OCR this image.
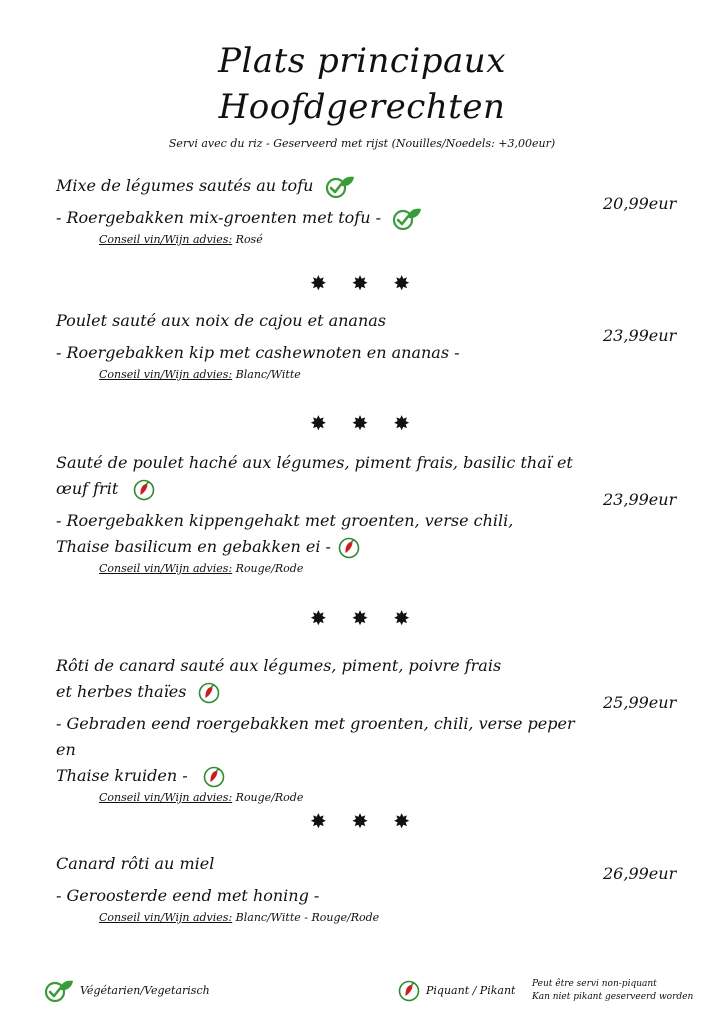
Plats principaux
Hoofdgerechten
Servi avec du riz - Geserveerd met rijst (Nouilles/Noedels: +3,00eur)
Mixe de légumes sautés au tofu
- Roergebakken mix-groenten met tofu -
Conseil vin/Wijn advies: Rosé
20,99eur
✸ ✸ ✸
Poulet sauté aux noix de cajou et ananas
- Roergebakken kip met cashewnoten en ananas -
Conseil vin/Wijn advies: Blanc/Witte
23,99eur
✸ ✸ ✸
Sauté de poulet haché aux légumes, piment frais, basilic thaï et
œuf frit
- Roergebakken kippengehakt met groenten, verse chili,
Thaise basilicum en gebakken ei -
Conseil vin/Wijn advies: Rouge/Rode
23,99eur
✸ ✸ ✸
Rôti de canard sauté aux légumes, piment, poivre frais
et herbes thaïes
- Gebraden eend roergebakken met groenten, chili, verse peper en
Thaise kruiden -
Conseil vin/Wijn advies: Rouge/Rode
25,99eur
✸ ✸ ✸
Canard rôti au miel
- Geroosterde eend met honing -
Conseil vin/Wijn advies: Blanc/Witte - Rouge/Rode
26,99eur
Végétarien/Vegetarisch	Piquant / Pikant Peut être servi non-piquant
Kan niet pikant geserveerd worden
